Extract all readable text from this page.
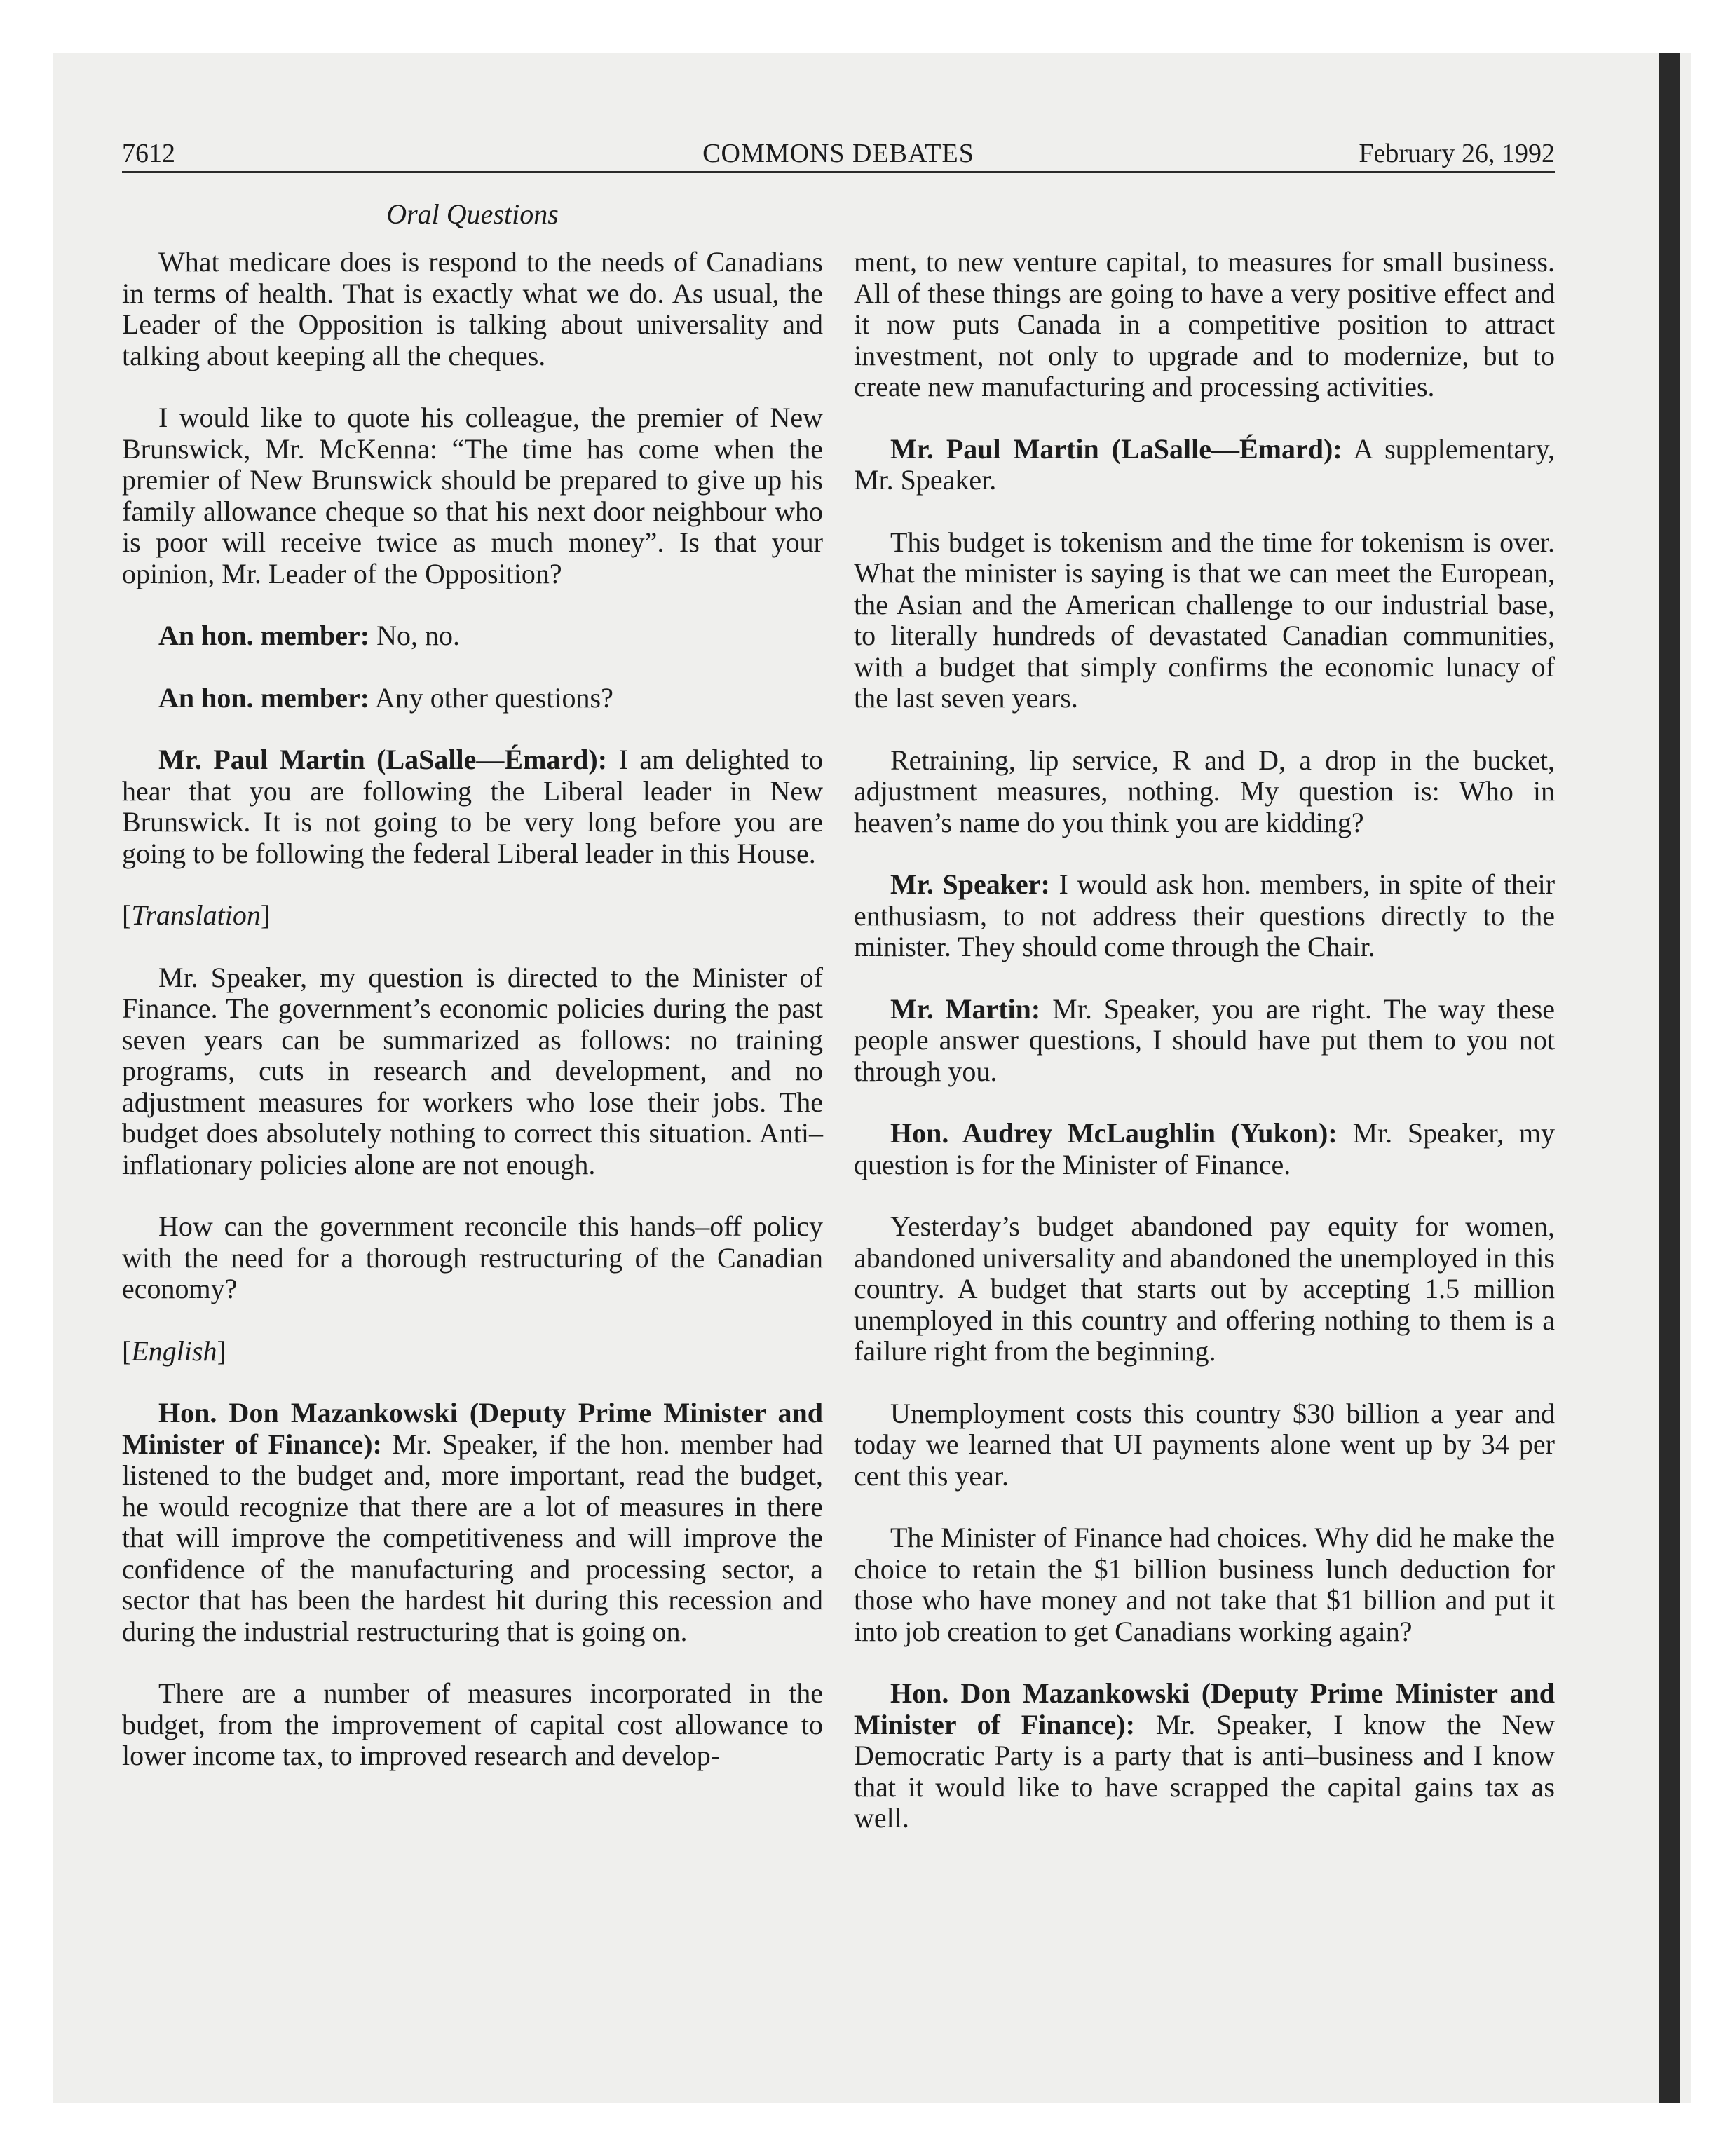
7612	COMMONS DEBATES	February 26, 1992
Oral Questions

What medicare does is respond to the needs of Canadians in terms of health. That is exactly what we do. As usual, the Leader of the Opposition is talking about universality and talking about keeping all the cheques.

I would like to quote his colleague, the premier of New Brunswick, Mr. McKenna: “The time has come when the premier of New Brunswick should be prepared to give up his family allowance cheque so that his next door neighbour who is poor will receive twice as much money”. Is that your opinion, Mr. Leader of the Opposition?

An hon. member: No, no.

An hon. member: Any other questions?

Mr. Paul Martin (LaSalle—Émard): I am delighted to hear that you are following the Liberal leader in New Brunswick. It is not going to be very long before you are going to be following the federal Liberal leader in this House.

[Translation]

Mr. Speaker, my question is directed to the Minister of Finance. The government’s economic policies during the past seven years can be summarized as follows: no training programs, cuts in research and development, and no adjustment measures for workers who lose their jobs. The budget does absolutely nothing to correct this situation. Anti–inflationary policies alone are not enough.

How can the government reconcile this hands–off policy with the need for a thorough restructuring of the Canadian economy?

[English]

Hon. Don Mazankowski (Deputy Prime Minister and Minister of Finance): Mr. Speaker, if the hon. member had listened to the budget and, more important, read the budget, he would recognize that there are a lot of measures in there that will improve the competitiveness and will improve the confidence of the manufacturing and processing sector, a sector that has been the hardest hit during this recession and during the industrial restructuring that is going on.

There are a number of measures incorporated in the budget, from the improvement of capital cost allowance to lower income tax, to improved research and develop-

ment, to new venture capital, to measures for small business. All of these things are going to have a very positive effect and it now puts Canada in a competitive position to attract investment, not only to upgrade and to modernize, but to create new manufacturing and processing activities.

Mr. Paul Martin (LaSalle—Émard): A supplementary, Mr. Speaker.

This budget is tokenism and the time for tokenism is over. What the minister is saying is that we can meet the European, the Asian and the American challenge to our industrial base, to literally hundreds of devastated Canadian communities, with a budget that simply confirms the economic lunacy of the last seven years.

Retraining, lip service, R and D, a drop in the bucket, adjustment measures, nothing. My question is: Who in heaven’s name do you think you are kidding?

Mr. Speaker: I would ask hon. members, in spite of their enthusiasm, to not address their questions directly to the minister. They should come through the Chair.

Mr. Martin: Mr. Speaker, you are right. The way these people answer questions, I should have put them to you not through you.

Hon. Audrey McLaughlin (Yukon): Mr. Speaker, my question is for the Minister of Finance.

Yesterday’s budget abandoned pay equity for women, abandoned universality and abandoned the unemployed in this country. A budget that starts out by accepting 1.5 million unemployed in this country and offering nothing to them is a failure right from the beginning.

Unemployment costs this country $30 billion a year and today we learned that UI payments alone went up by 34 per cent this year.

The Minister of Finance had choices. Why did he make the choice to retain the $1 billion business lunch deduction for those who have money and not take that $1 billion and put it into job creation to get Canadians working again?

Hon. Don Mazankowski (Deputy Prime Minister and Minister of Finance): Mr. Speaker, I know the New Democratic Party is a party that is anti–business and I know that it would like to have scrapped the capital gains tax as well.
